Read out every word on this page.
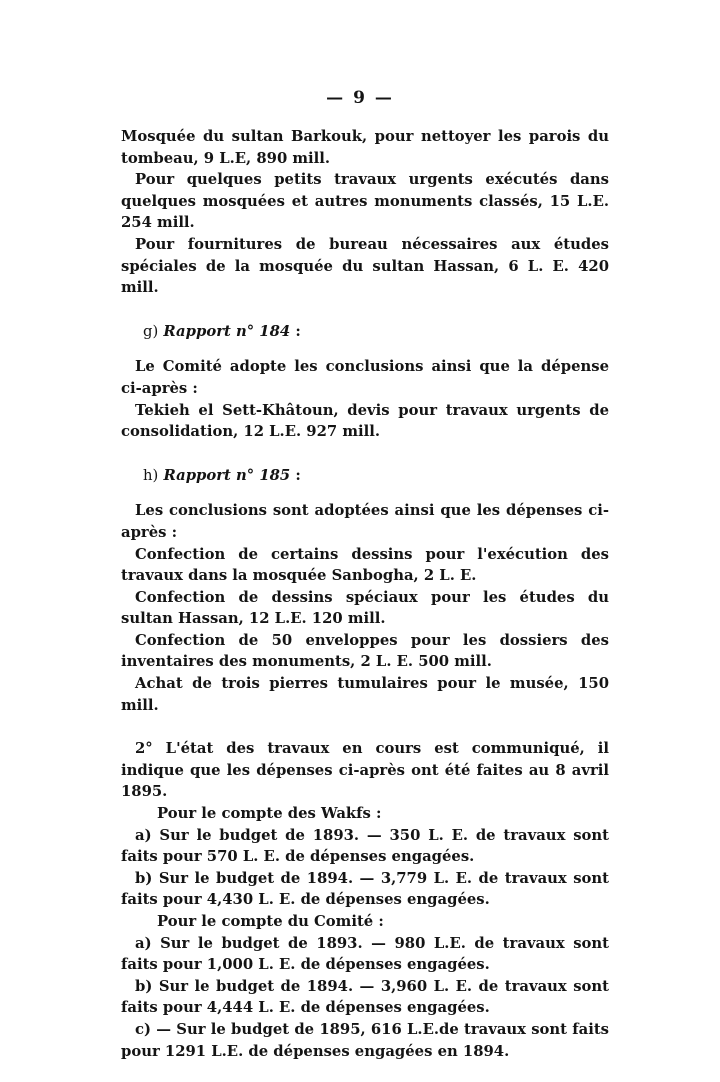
— 9 —

Mosquée du sultan Barkouk, pour nettoyer les parois du tombeau, 9 L.E, 890 mill.

Pour quelques petits travaux urgents exécutés dans quelques mosquées et autres monuments classés, 15 L.E. 254 mill.

Pour fournitures de bureau nécessaires aux études spéciales de la mosquée du sultan Hassan, 6 L. E. 420 mill.

g) Rapport n° 184 :

Le Comité adopte les conclusions ainsi que la dépense ci-après :

Tekieh el Sett-Khâtoun, devis pour travaux urgents de consolidation, 12 L.E. 927 mill.

h) Rapport n° 185 :

Les conclusions sont adoptées ainsi que les dépenses ci-après :

Confection de certains dessins pour l'exécution des travaux dans la mosquée Sanbogha, 2 L. E.

Confection de dessins spéciaux pour les études du sultan Hassan, 12 L.E. 120 mill.

Confection de 50 enveloppes pour les dossiers des inventaires des monuments, 2 L. E. 500 mill.

Achat de trois pierres tumulaires pour le musée, 150 mill.

2° L'état des travaux en cours est communiqué, il indique que les dépenses ci-après ont été faites au 8 avril 1895.

Pour le compte des Wakfs :

a) Sur le budget de 1893. — 350 L. E. de travaux sont faits pour 570 L. E. de dépenses engagées.

b) Sur le budget de 1894. — 3,779 L. E. de travaux sont faits pour 4,430 L. E. de dépenses engagées.

Pour le compte du Comité :

a) Sur le budget de 1893. — 980 L.E. de travaux sont faits pour 1,000 L. E. de dépenses engagées.

b) Sur le budget de 1894. — 3,960 L. E. de travaux sont faits pour 4,444 L. E. de dépenses engagées.

c) — Sur le budget de 1895, 616 L.E.de travaux sont faits pour 1291 L.E. de dépenses engagées en 1894.
